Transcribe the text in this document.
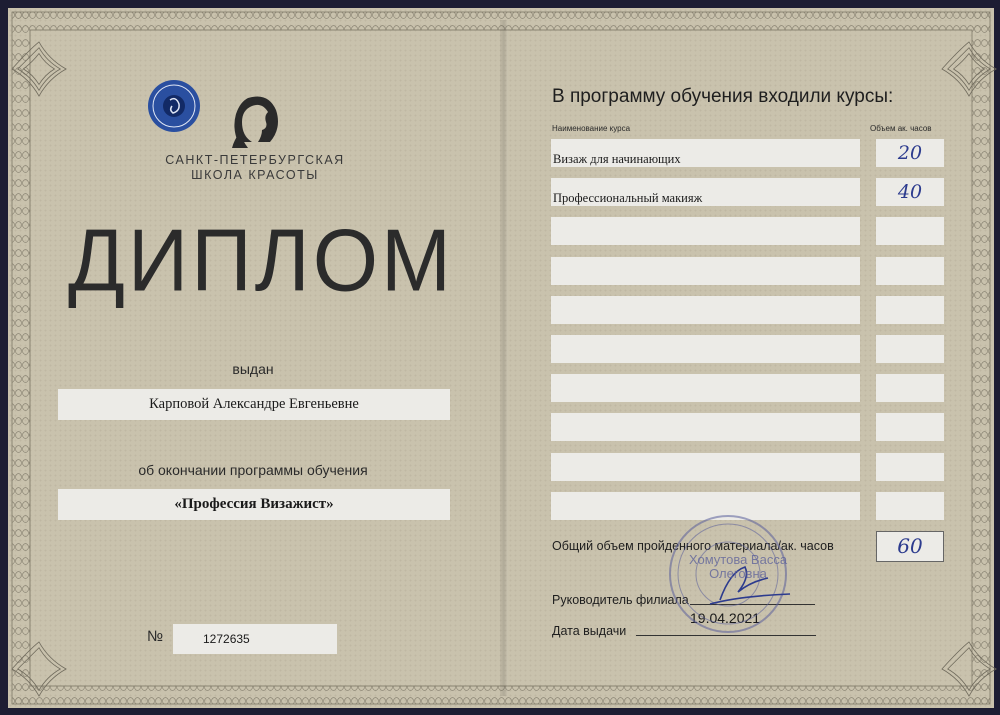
САНКТ-ПЕТЕРБУРГСКАЯ
ШКОЛА КРАСОТЫ
ДИПЛОМ
выдан
Карповой Александре Евгеньевне
об окончании программы обучения
«Профессия Визажист»
№	1272635
В программу обучения входили курсы:
Наименование курса	Объем ак. часов
Визаж для начинающих	20
Профессиональный макияж	40
Общий объем пройденного материала/ак. часов	60
Руководитель филиала
Дата выдачи
19.04.2021
Хомутова Васса Олеговна
